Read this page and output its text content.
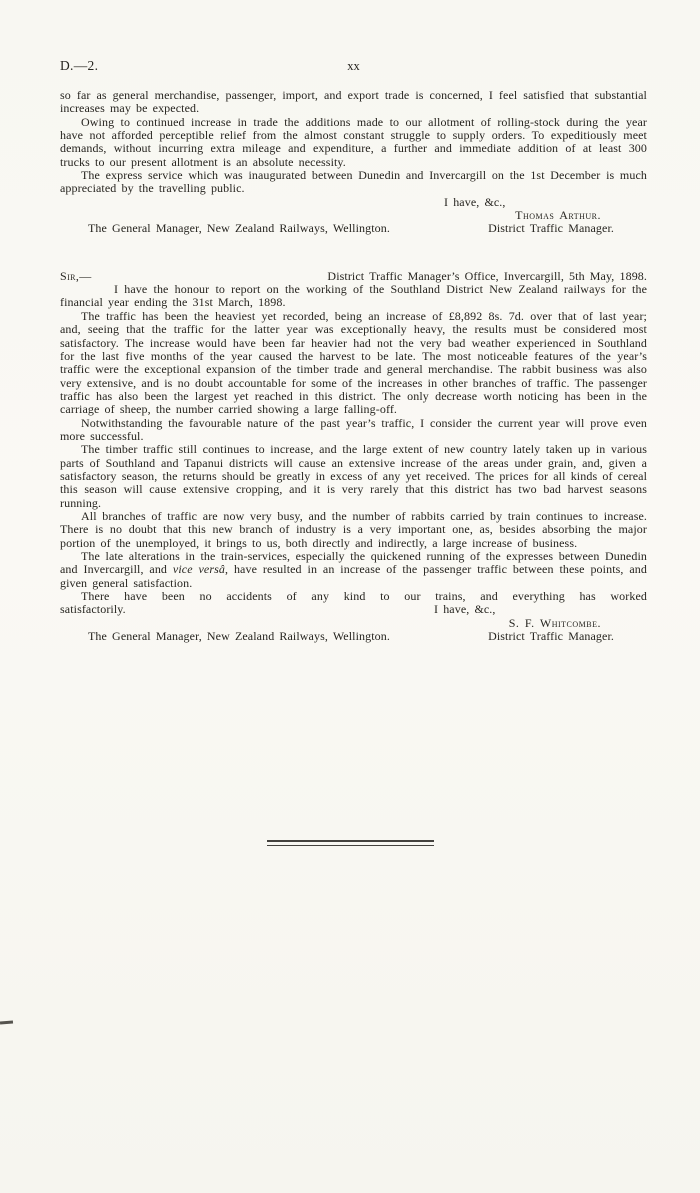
D.—2.	xx

so far as general merchandise, passenger, import, and export trade is concerned, I feel satisfied that substantial increases may be expected.

Owing to continued increase in trade the additions made to our allotment of rolling-stock during the year have not afforded perceptible relief from the almost constant struggle to supply orders. To expeditiously meet demands, without incurring extra mileage and expenditure, a further and immediate addition of at least 300 trucks to our present allotment is an absolute necessity.

The express service which was inaugurated between Dunedin and Invercargill on the 1st December is much appreciated by the travelling public.

I have, &c.,

Thomas Arthur.

The General Manager, New Zealand Railways, Wellington.	District Traffic Manager.
Sir,—	District Traffic Manager’s Office, Invercargill, 5th May, 1898.

I have the honour to report on the working of the Southland District New Zealand railways for the financial year ending the 31st March, 1898.

The traffic has been the heaviest yet recorded, being an increase of £8,892 8s. 7d. over that of last year; and, seeing that the traffic for the latter year was exceptionally heavy, the results must be considered most satisfactory. The increase would have been far heavier had not the very bad weather experienced in Southland for the last five months of the year caused the harvest to be late. The most noticeable features of the year’s traffic were the exceptional expansion of the timber trade and general merchandise. The rabbit business was also very extensive, and is no doubt accountable for some of the increases in other branches of traffic. The passenger traffic has also been the largest yet reached in this district. The only decrease worth noticing has been in the carriage of sheep, the number carried showing a large falling-off.

Notwithstanding the favourable nature of the past year’s traffic, I consider the current year will prove even more successful.

The timber traffic still continues to increase, and the large extent of new country lately taken up in various parts of Southland and Tapanui districts will cause an extensive increase of the areas under grain, and, given a satisfactory season, the returns should be greatly in excess of any yet received. The prices for all kinds of cereal this season will cause extensive cropping, and it is very rarely that this district has two bad harvest seasons running.

All branches of traffic are now very busy, and the number of rabbits carried by train continues to increase. There is no doubt that this new branch of industry is a very important one, as, besides absorbing the major portion of the unemployed, it brings to us, both directly and indirectly, a large increase of business.

The late alterations in the train-services, especially the quickened running of the expresses between Dunedin and Invercargill, and vice versâ, have resulted in an increase of the passenger traffic between these points, and given general satisfaction.

There have been no accidents of any kind to our trains, and everything has worked

satisfactorily.	I have, &c.,

S. F. Whitcombe.

The General Manager, New Zealand Railways, Wellington.	District Traffic Manager.
